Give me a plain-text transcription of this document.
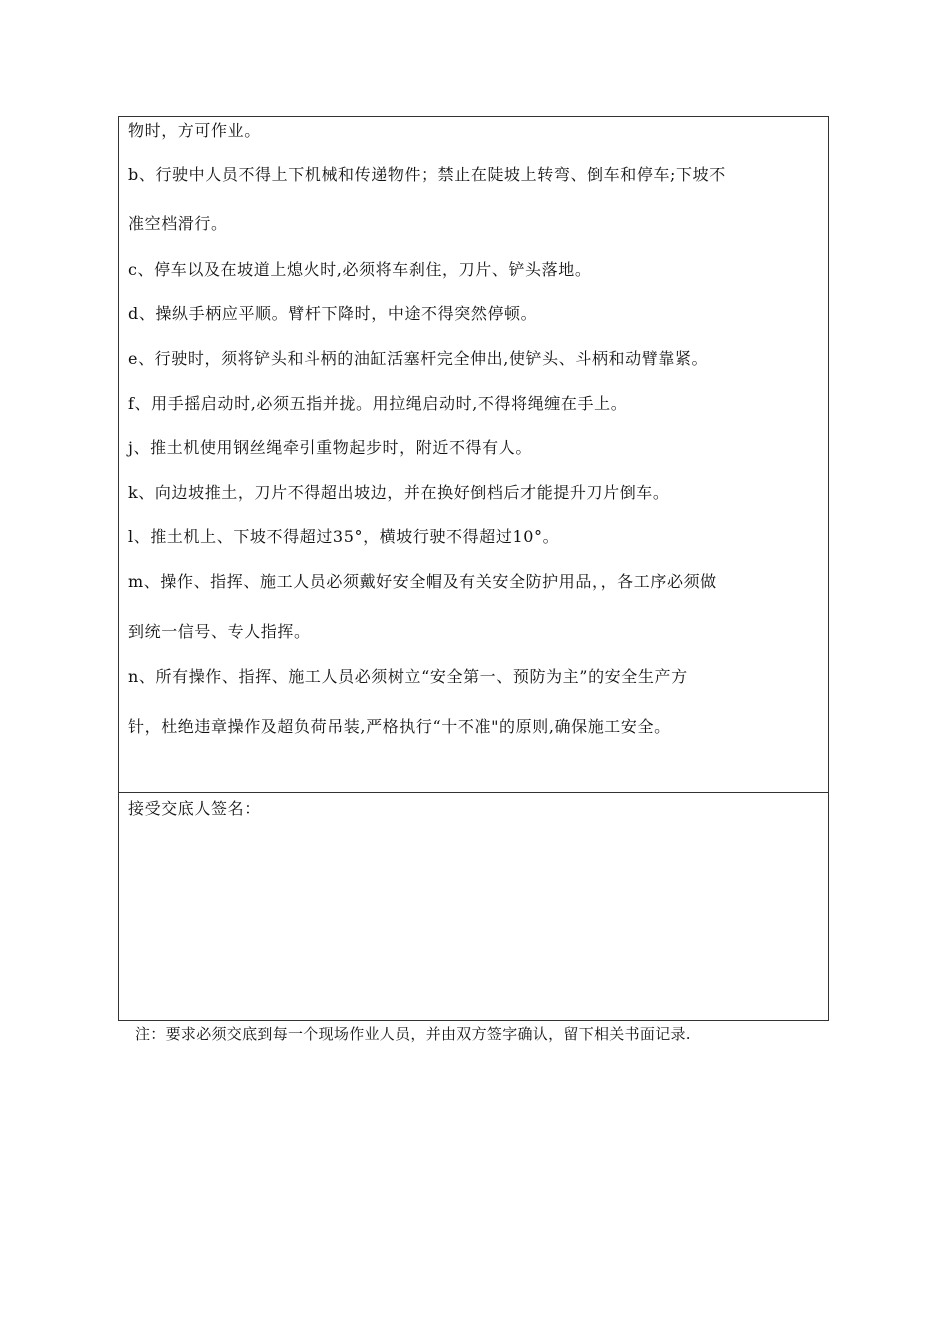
物时，方可作业。
b、行驶中人员不得上下机械和传递物件；禁止在陡坡上转弯、倒车和停车;下坡不
准空档滑行。
c、停车以及在坡道上熄火时,必须将车刹住，刀片、铲头落地。
d、操纵手柄应平顺。臂杆下降时，中途不得突然停顿。
e、行驶时，须将铲头和斗柄的油缸活塞杆完全伸出,使铲头、斗柄和动臂靠紧。
f、用手摇启动时,必须五指并拢。用拉绳启动时,不得将绳缠在手上。
j、推土机使用钢丝绳牵引重物起步时，附近不得有人。
k、向边坡推土，刀片不得超出坡边，并在换好倒档后才能提升刀片倒车。
l、推土机上、下坡不得超过35°，横坡行驶不得超过10°。
m、操作、指挥、施工人员必须戴好安全帽及有关安全防护用品，，各工序必须做
到统一信号、专人指挥。
n、所有操作、指挥、施工人员必须树立“安全第一、预防为主”的安全生产方
针，杜绝违章操作及超负荷吊装,严格执行“十不准"的原则,确保施工安全。
接受交底人签名：
注：要求必须交底到每一个现场作业人员，并由双方签字确认，留下相关书面记录.
